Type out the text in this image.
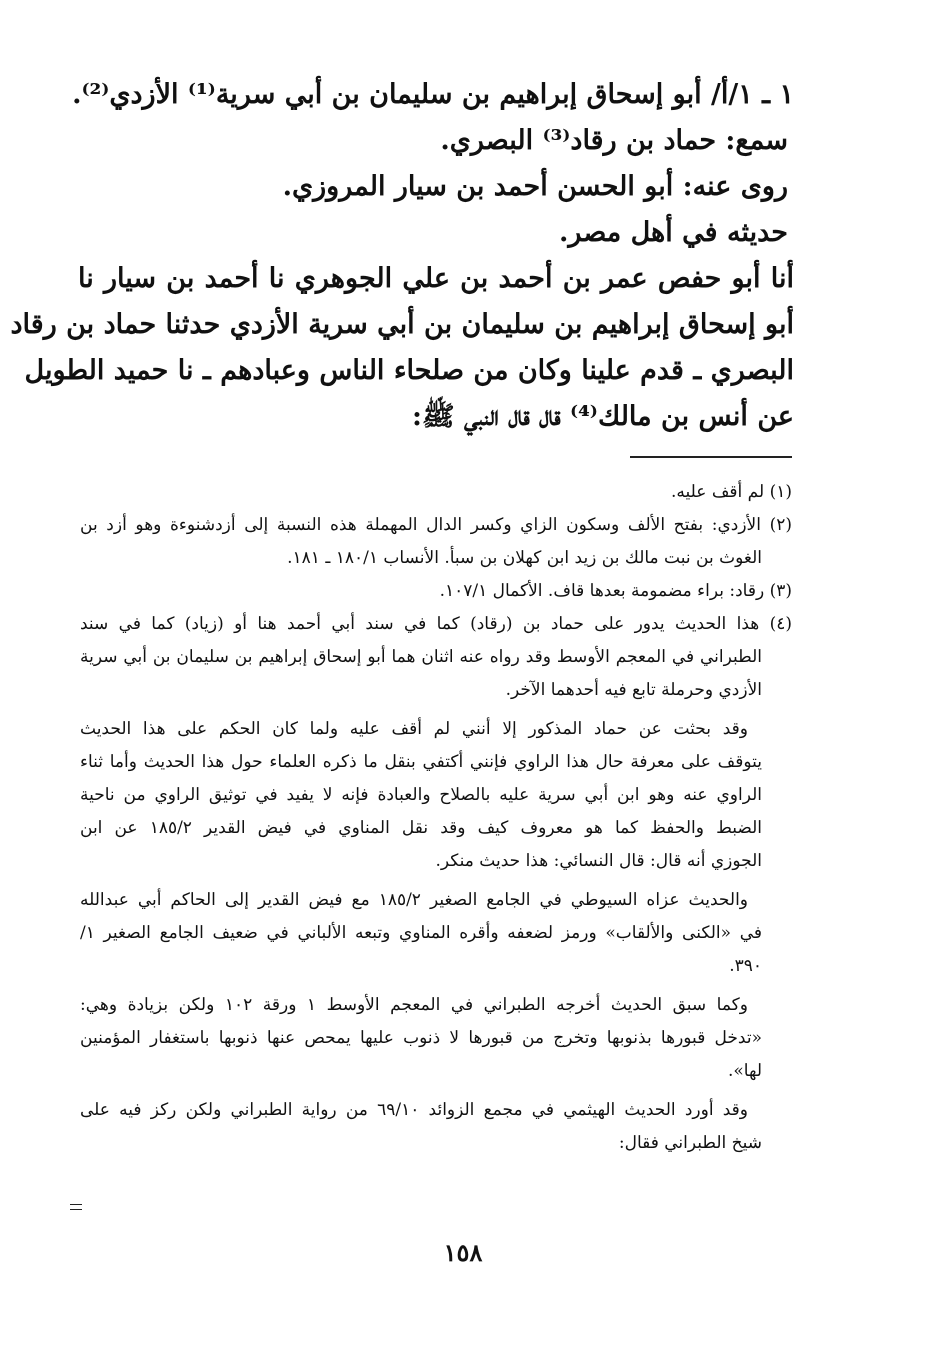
١ ـ ١/أ/ أبو إسحاق إبراهيم بن سليمان بن أبي سرية⁽¹⁾ الأزدي⁽²⁾.
سمع: حماد بن رقاد⁽³⁾ البصري.
روى عنه: أبو الحسن أحمد بن سيار المروزي.
حديثه في أهل مصر.
أنا أبو حفص عمر بن أحمد بن علي الجوهري نا أحمد بن سيار نا
أبو إسحاق إبراهيم بن سليمان بن أبي سرية الأزدي حدثنا حماد بن رقاد
البصري ـ قدم علينا وكان من صلحاء الناس وعبادهم ـ نا حميد الطويل
عن أنس بن مالك⁽⁴⁾ قال قال النبي ﷺ:
(١) لم أقف عليه.
(٢) الأزدي: بفتح الألف وسكون الزاي وكسر الدال المهملة هذه النسبة إلى أزدشنوءة وهو أزد بن
الغوث بن نبت مالك بن زيد ابن كهلان بن سبأ. الأنساب ١٨٠/١ ـ ١٨١.
(٣) رقاد: براء مضمومة بعدها قاف. الأكمال ١٠٧/١.
(٤) هذا الحديث يدور على حماد بن (رقاد) كما في سند أبي أحمد هنا أو (زياد) كما في سند
الطبراني في المعجم الأوسط وقد رواه عنه اثنان هما أبو إسحاق إبراهيم بن سليمان بن أبي سرية
الأزدي وحرملة تابع فيه أحدهما الآخر.
وقد بحثت عن حماد المذكور إلا أنني لم أقف عليه ولما كان الحكم على هذا الحديث
يتوقف على معرفة حال هذا الراوي فإنني أكتفي بنقل ما ذكره العلماء حول هذا الحديث وأما ثناء
الراوي عنه وهو ابن أبي سرية عليه بالصلاح والعبادة فإنه لا يفيد في توثيق الراوي من ناحية
الضبط والحفظ كما هو معروف كيف وقد نقل المناوي في فيض القدير ١٨٥/٢ عن ابن
الجوزي أنه قال: قال النسائي: هذا حديث منكر.
والحديث عزاه السيوطي في الجامع الصغير ١٨٥/٢ مع فيض القدير إلى الحاكم أبي عبدالله
في «الكنى والألقاب» ورمز لضعفه وأقره المناوي وتبعه الألباني في ضعيف الجامع الصغير ١/
٣٩٠.
وكما سبق الحديث أخرجه الطبراني في المعجم الأوسط ١ ورقة ١٠٢ ولكن بزيادة وهي:
«تدخل قبورها بذنوبها وتخرج من قبورها لا ذنوب عليها يمحص عنها ذنوبها باستغفار المؤمنين
لها».
وقد أورد الحديث الهيثمي في مجمع الزوائد ٦٩/١٠ من رواية الطبراني ولكن ركز فيه على
شيخ الطبراني فقال:
١٥٨
